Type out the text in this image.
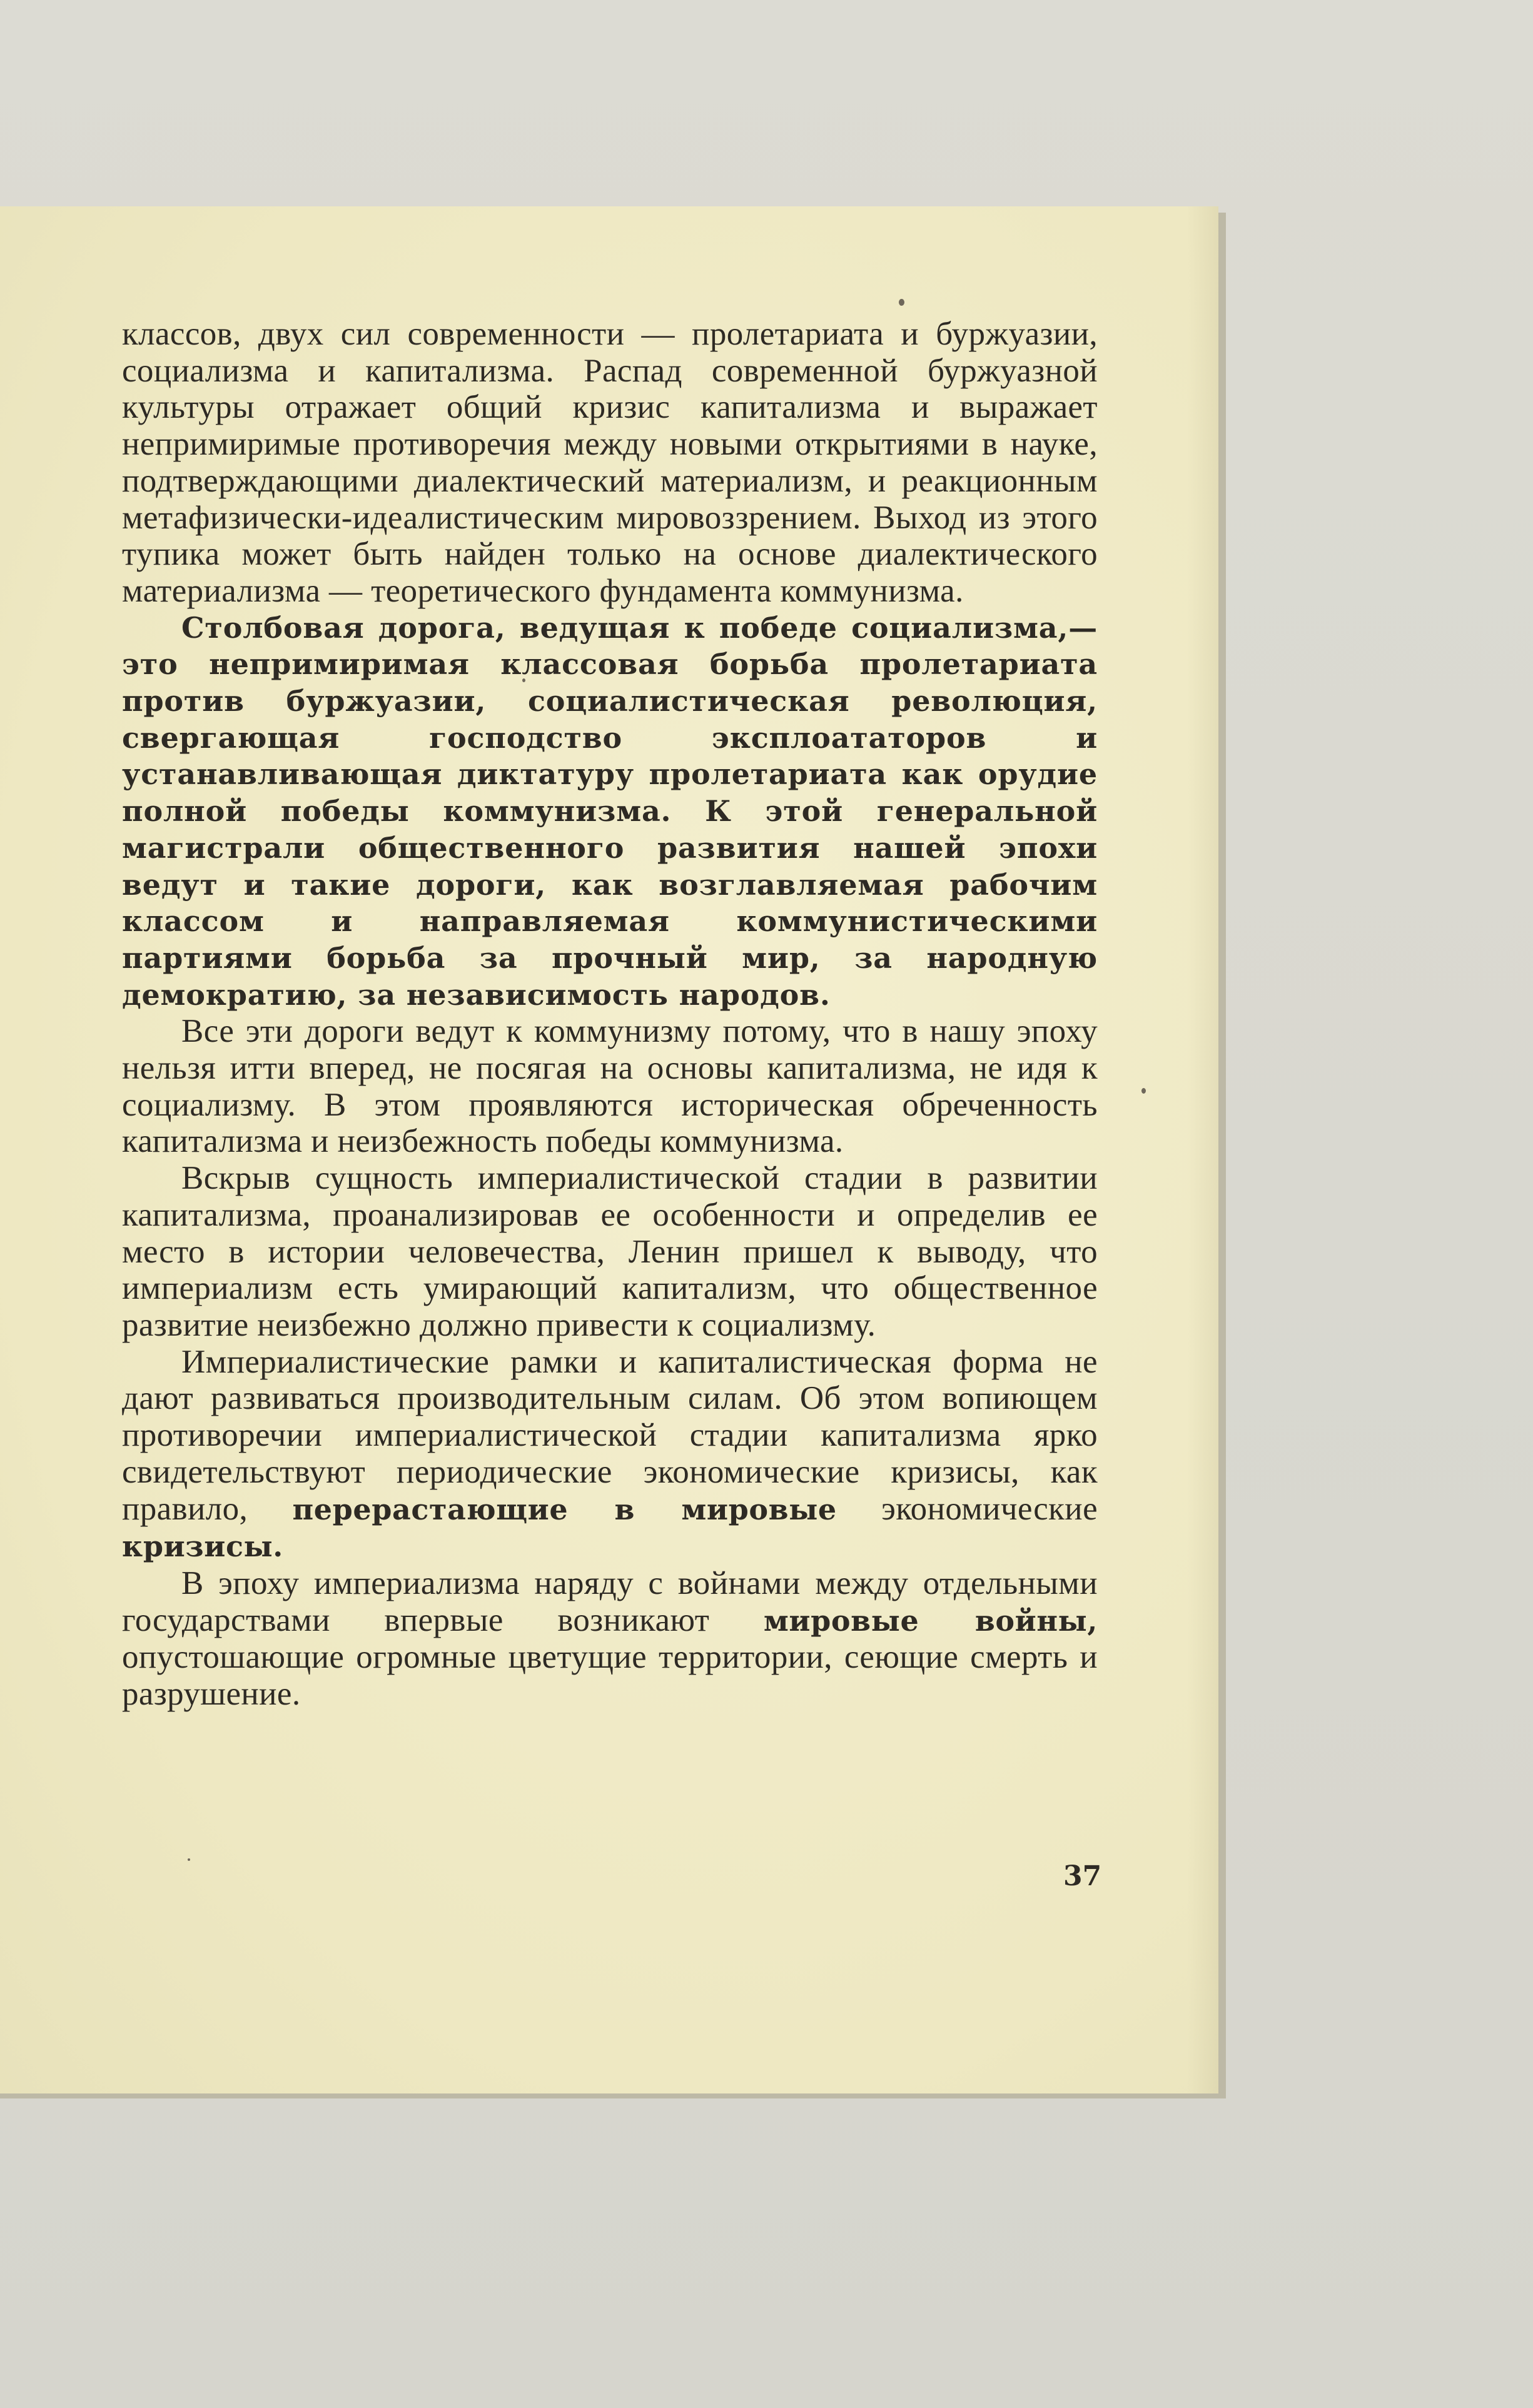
классов, двух сил современности — пролетариата и буржуазии, социализма и капитализма. Распад современной буржуазной культуры отражает общий кризис капитализма и выражает непримиримые противоречия между новыми открытиями в науке, подтверждающими диалектический материализм, и реакционным метафизически-идеалистическим мировоззрением. Выход из этого тупика может быть найден только на основе диалектического материализма — теоретического фундамента коммунизма.

Столбовая дорога, ведущая к победе социализма,— это непримиримая классовая борьба пролетариата против буржуазии, социалистическая революция, свергающая господство эксплоататоров и устанавливающая диктатуру пролетариата как орудие полной победы коммунизма. К этой генеральной магистрали общественного развития нашей эпохи ведут и такие дороги, как возглавляемая рабочим классом и направляемая коммунистическими партиями борьба за прочный мир, за народную демократию, за независимость народов.

Все эти дороги ведут к коммунизму потому, что в нашу эпоху нельзя итти вперед, не посягая на основы капитализма, не идя к социализму. В этом проявляются историческая обреченность капитализма и неизбежность победы коммунизма.

Вскрыв сущность империалистической стадии в развитии капитализма, проанализировав ее особенности и определив ее место в истории человечества, Ленин пришел к выводу, что империализм есть умирающий капитализм, что общественное развитие неизбежно должно привести к социализму.

Империалистические рамки и капиталистическая форма не дают развиваться производительным силам. Об этом вопиющем противоречии империалистической стадии капитализма ярко свидетельствуют периодические экономические кризисы, как правило, перерастающие в мировые экономические кризисы.

В эпоху империализма наряду с войнами между отдельными государствами впервые возникают мировые войны, опустошающие огромные цветущие территории, сеющие смерть и разрушение.

37
